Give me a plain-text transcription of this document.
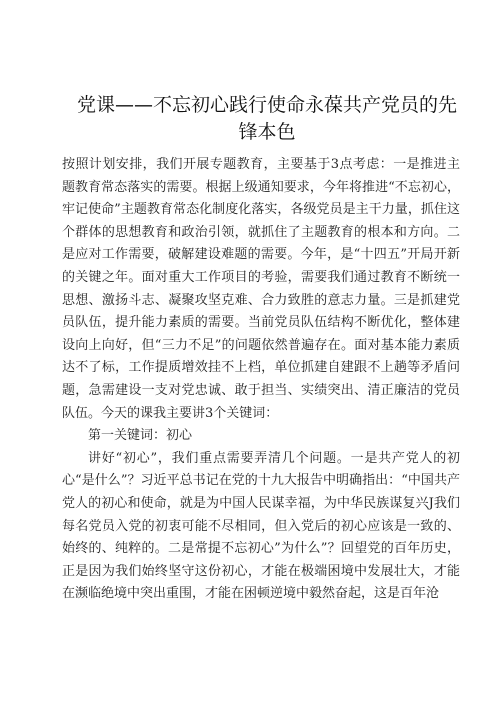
党课——不忘初心践行使命永葆共产党员的先锋本色

按照计划安排，我们开展专题教育，主要基于3点考虑：一是推进主题教育常态落实的需要。根据上级通知要求，今年将推进“不忘初心，牢记使命”主题教育常态化制度化落实，各级党员是主干力量，抓住这个群体的思想教育和政治引领，就抓住了主题教育的根本和方向。二是应对工作需要，破解建设难题的需要。今年，是“十四五”开局开新的关键之年。面对重大工作项目的考验，需要我们通过教育不断统一思想、激扬斗志、凝聚攻坚克难、合力致胜的意志力量。三是抓建党员队伍，提升能力素质的需要。当前党员队伍结构不断优化，整体建设向上向好，但“三力不足”的问题依然普遍存在。面对基本能力素质达不了标，工作提质增效挂不上档，单位抓建自建跟不上趟等矛盾问题，急需建设一支对党忠诚、敢于担当、实绩突出、清正廉洁的党员队伍。今天的课我主要讲3个关键词：

第一关键词：初心

讲好“初心”，我们重点需要弄清几个问题。一是共产党人的初心“是什么”？习近平总书记在党的十九大报告中明确指出：“中国共产党人的初心和使命，就是为中国人民谋幸福，为中华民族谋复兴J我们每名党员入党的初衷可能不尽相同，但入党后的初心应该是一致的、始终的、纯粹的。二是常提不忘初心”为什么”？回望党的百年历史，正是因为我们始终坚守这份初心，才能在极端困境中发展壮大，才能在濒临绝境中突出重围，才能在困顿逆境中毅然奋起，这是百年沧
